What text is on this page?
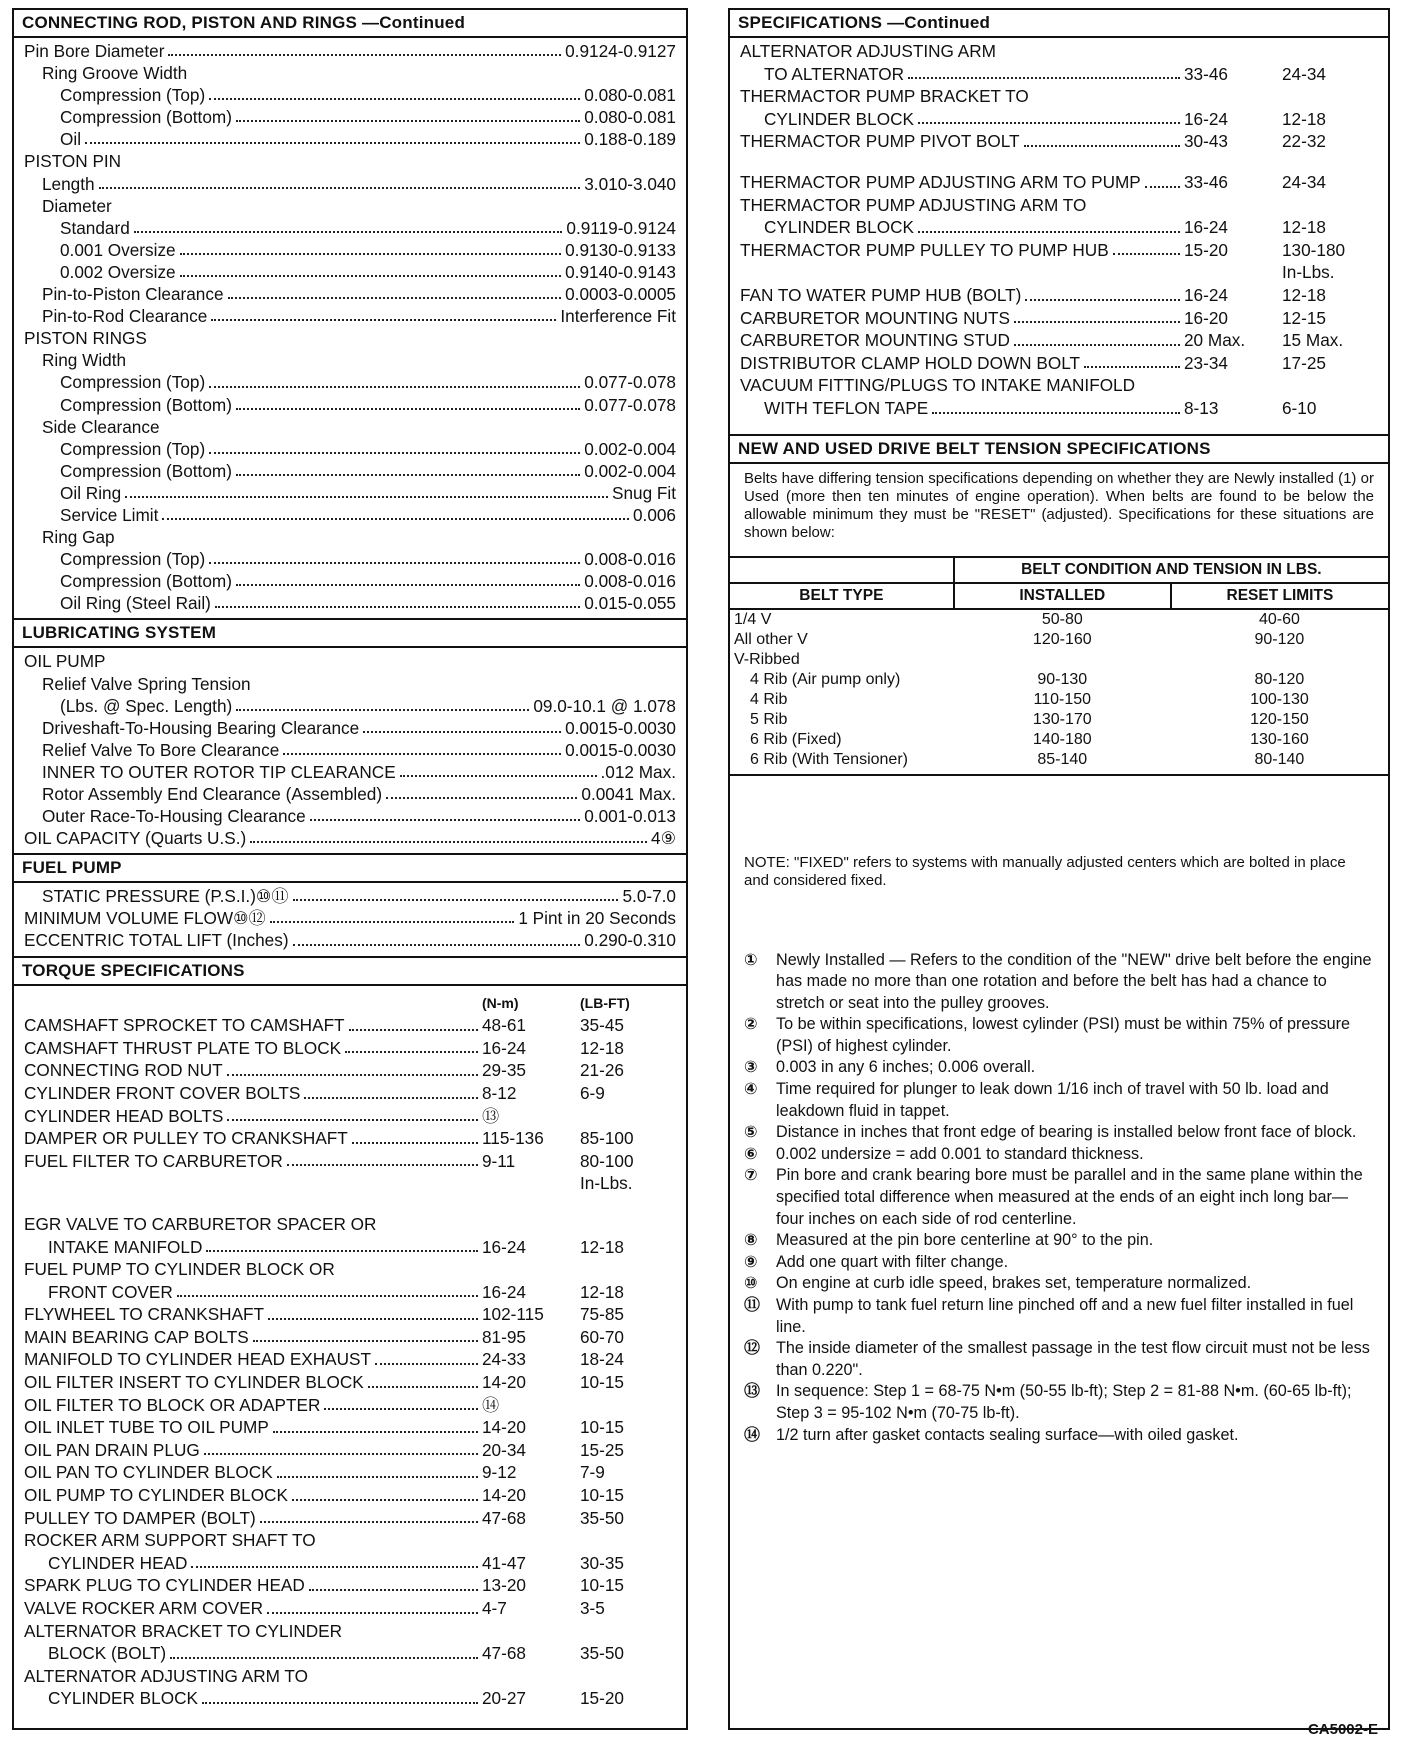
CONNECTING ROD, PISTON AND RINGS —Continued
Pin Bore Diameter	0.9124-0.9127
Ring Groove Width
Compression (Top)	0.080-0.081
Compression (Bottom)	0.080-0.081
Oil	0.188-0.189
PISTON PIN
Length	3.010-3.040
Diameter
Standard	0.9119-0.9124
0.001 Oversize	0.9130-0.9133
0.002 Oversize	0.9140-0.9143
Pin-to-Piston Clearance	0.0003-0.0005
Pin-to-Rod Clearance	Interference Fit
PISTON RINGS
Ring Width
Compression (Top)	0.077-0.078
Compression (Bottom)	0.077-0.078
Side Clearance
Compression (Top)	0.002-0.004
Compression (Bottom)	0.002-0.004
Oil Ring	Snug Fit
Service Limit	0.006
Ring Gap
Compression (Top)	0.008-0.016
Compression (Bottom)	0.008-0.016
Oil Ring (Steel Rail)	0.015-0.055
LUBRICATING SYSTEM
OIL PUMP
Relief Valve Spring Tension
(Lbs. @ Spec. Length)	09.0-10.1 @ 1.078
Driveshaft-To-Housing Bearing Clearance	0.0015-0.0030
Relief Valve To Bore Clearance	0.0015-0.0030
INNER TO OUTER ROTOR TIP CLEARANCE	.012 Max.
Rotor Assembly End Clearance (Assembled)	0.0041 Max.
Outer Race-To-Housing Clearance	0.001-0.013
OIL CAPACITY (Quarts U.S.)	4⑨
FUEL PUMP
STATIC PRESSURE (P.S.I.)⑩⑪	5.0-7.0
MINIMUM VOLUME FLOW⑩⑫	1 Pint in 20 Seconds
ECCENTRIC TOTAL LIFT (Inches)	0.290-0.310
TORQUE SPECIFICATIONS
(N-m)	(LB-FT)
CAMSHAFT SPROCKET TO CAMSHAFT	48-61	35-45
CAMSHAFT THRUST PLATE TO BLOCK	16-24	12-18
CONNECTING ROD NUT	29-35	21-26
CYLINDER FRONT COVER BOLTS	8-12	6-9
CYLINDER HEAD BOLTS	⑬
DAMPER OR PULLEY TO CRANKSHAFT	115-136	85-100
FUEL FILTER TO CARBURETOR	9-11	80-100
In-Lbs.
EGR VALVE TO CARBURETOR SPACER OR
INTAKE MANIFOLD	16-24	12-18
FUEL PUMP TO CYLINDER BLOCK OR
FRONT COVER	16-24	12-18
FLYWHEEL TO CRANKSHAFT	102-115	75-85
MAIN BEARING CAP BOLTS	81-95	60-70
MANIFOLD TO CYLINDER HEAD EXHAUST	24-33	18-24
OIL FILTER INSERT TO CYLINDER BLOCK	14-20	10-15
OIL FILTER TO BLOCK OR ADAPTER	⑭
OIL INLET TUBE TO OIL PUMP	14-20	10-15
OIL PAN DRAIN PLUG	20-34	15-25
OIL PAN TO CYLINDER BLOCK	9-12	7-9
OIL PUMP TO CYLINDER BLOCK	14-20	10-15
PULLEY TO DAMPER (BOLT)	47-68	35-50
ROCKER ARM SUPPORT SHAFT TO
CYLINDER HEAD	41-47	30-35
SPARK PLUG TO CYLINDER HEAD	13-20	10-15
VALVE ROCKER ARM COVER	4-7	3-5
ALTERNATOR BRACKET TO CYLINDER
BLOCK (BOLT)	47-68	35-50
ALTERNATOR ADJUSTING ARM TO
CYLINDER BLOCK	20-27	15-20
SPECIFICATIONS —Continued
ALTERNATOR ADJUSTING ARM
TO ALTERNATOR	33-46	24-34
THERMACTOR PUMP BRACKET TO
CYLINDER BLOCK	16-24	12-18
THERMACTOR PUMP PIVOT BOLT	30-43	22-32
THERMACTOR PUMP ADJUSTING ARM TO PUMP	33-46	24-34
THERMACTOR PUMP ADJUSTING ARM TO
CYLINDER BLOCK	16-24	12-18
THERMACTOR PUMP PULLEY TO PUMP HUB	15-20	130-180
In-Lbs.
FAN TO WATER PUMP HUB (BOLT)	16-24	12-18
CARBURETOR MOUNTING NUTS	16-20	12-15
CARBURETOR MOUNTING STUD	20 Max.	15 Max.
DISTRIBUTOR CLAMP HOLD DOWN BOLT	23-34	17-25
VACUUM FITTING/PLUGS TO INTAKE MANIFOLD
WITH TEFLON TAPE	8-13	6-10
NEW AND USED DRIVE BELT TENSION SPECIFICATIONS
Belts have differing tension specifications depending on whether they are Newly installed (1) or Used (more then ten minutes of engine operation). When belts are found to be below the allowable minimum they must be "RESET" (adjusted). Specifications for these situations are shown below:
	BELT CONDITION AND TENSION IN LBS.	
BELT TYPE	INSTALLED	RESET LIMITS
1/4 V	50-80	40-60
All other V	120-160	90-120
V-Ribbed		
4 Rib (Air pump only)	90-130	80-120
4 Rib	110-150	100-130
5 Rib	130-170	120-150
6 Rib (Fixed)	140-180	130-160
6 Rib (With Tensioner)	85-140	80-140
NOTE: "FIXED" refers to systems with manually adjusted centers which are bolted in place and considered fixed.
①	Newly Installed — Refers to the condition of the "NEW" drive belt before the engine has made no more than one rotation and before the belt has had a chance to stretch or seat into the pulley grooves.
②	To be within specifications, lowest cylinder (PSI) must be within 75% of pressure (PSI) of highest cylinder.
③	0.003 in any 6 inches; 0.006 overall.
④	Time required for plunger to leak down 1/16 inch of travel with 50 lb. load and leakdown fluid in tappet.
⑤	Distance in inches that front edge of bearing is installed below front face of block.
⑥	0.002 undersize = add 0.001 to standard thickness.
⑦	Pin bore and crank bearing bore must be parallel and in the same plane within the specified total difference when measured at the ends of an eight inch long bar—four inches on each side of rod centerline.
⑧	Measured at the pin bore centerline at 90° to the pin.
⑨	Add one quart with filter change.
⑩	On engine at curb idle speed, brakes set, temperature normalized.
⑪ With pump to tank fuel return line pinched off and a new fuel filter installed in fuel line.
⑫ The inside diameter of the smallest passage in the test flow circuit must not be less than 0.220".
⑬ In sequence: Step 1 = 68-75 N•m (50-55 lb-ft); Step 2 = 81-88 N•m. (60-65 lb-ft); Step 3 = 95-102 N•m (70-75 lb-ft).
⑭ 1/2 turn after gasket contacts sealing surface—with oiled gasket.
CA5002-E
